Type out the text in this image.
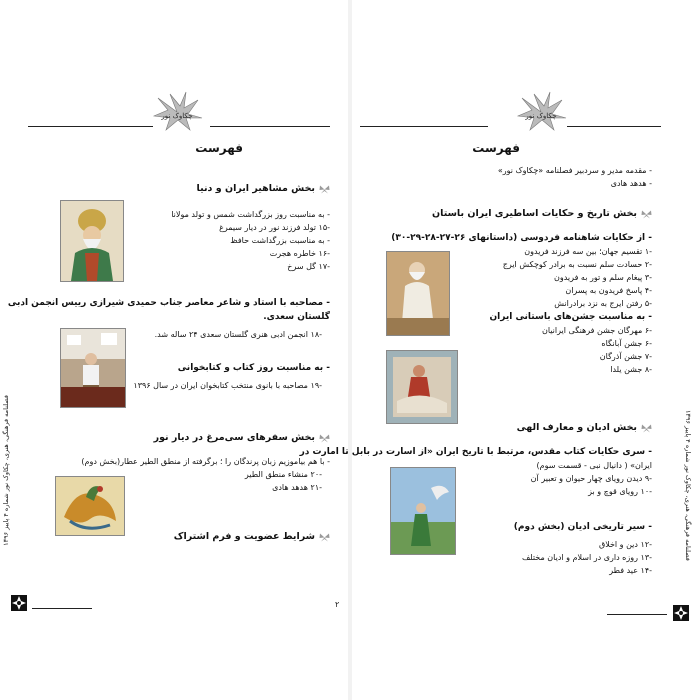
چکاوک نور
فهرست
بخش مشاهیر ایران و دنیا
- به مناسبت روز بزرگداشت شمس و تولد مولانا
-۱۵ تولد فرزند نور در دیار سیمرغ
- به مناسبت بزرگداشت حافظ
-۱۶ خاطره هجرت
-۱۷ گل سرخ
- مصاحبه با استاد و شاعر معاصر جناب حمیدی شیرازی رییس انجمن ادبی
گلستان سعدی.
-۱۸ انجمن ادبی هنری گلستان سعدی ۲۴ ساله شد.
- به مناسبت روز کتاب و کتابخوانی
-۱۹ مصاحبه با بانوی منتخب کتابخوان ایران در سال ۱۳۹۶
بخش سفرهای سی‌مرغ در دیار نور
- با هم بیاموزیم زبان پرندگان را ؛ برگرفته از منطق الطیر عطار(بخش دوم)
-۲۰ منشاء منطق الطیر
-۲۱ هدهد هادی
شرایط عضویت و فرم اشتراک
۲
فصلنامه فرهنگی، هنری، چکاوک نور شماره ۴ پاییز ۱۳۹۶
چکاوک نور
فهرست
- مقدمه مدیر و سردبیر فصلنامه «چکاوک نور»
- هدهد هادی
بخش تاریخ و حکایات اساطیری ایران باستان
- از حکایات شاهنامه فردوسی (داستانهای ۲۶-۲۷-۲۸-۲۹-۳۰)
-۱ تقسیم جهان؛ بین سه فرزند فریدون
-۲ حسادت سلم نسبت به برادر کوچکش ایرج
-۳ پیغام سلم و تور به فریدون
-۴ پاسخ فریدون به پسران
-۵ رفتن ایرج به نزد برادرانش
- به مناسبت جشن‌های باستانی ایران
-۶ مهرگان جشن فرهنگی ایرانیان
-۶ جشن آبانگاه
-۷ جشن آذرگان
-۸ جشن یلدا
بخش ادیان و معارف الهی
- سری حکایات کتاب مقدس، مرتبط با تاریخ ایران «از اسارت در بابل تا امارت در
ایران» ( دانیال نبی - قسمت سوم)
-۹ دیدن رویای چهار حیوان و تعبیر آن
-۱۰ رویای قوچ و بز
- سیر تاریخی ادیان (بخش دوم)
-۱۲ دین و اخلاق
-۱۳ روزه داری در اسلام و ادیان مختلف
-۱۴ عید فطر
فصلنامه فرهنگی، هنری، چکاوک نور شماره ۴ پاییز ۱۳۹۶
